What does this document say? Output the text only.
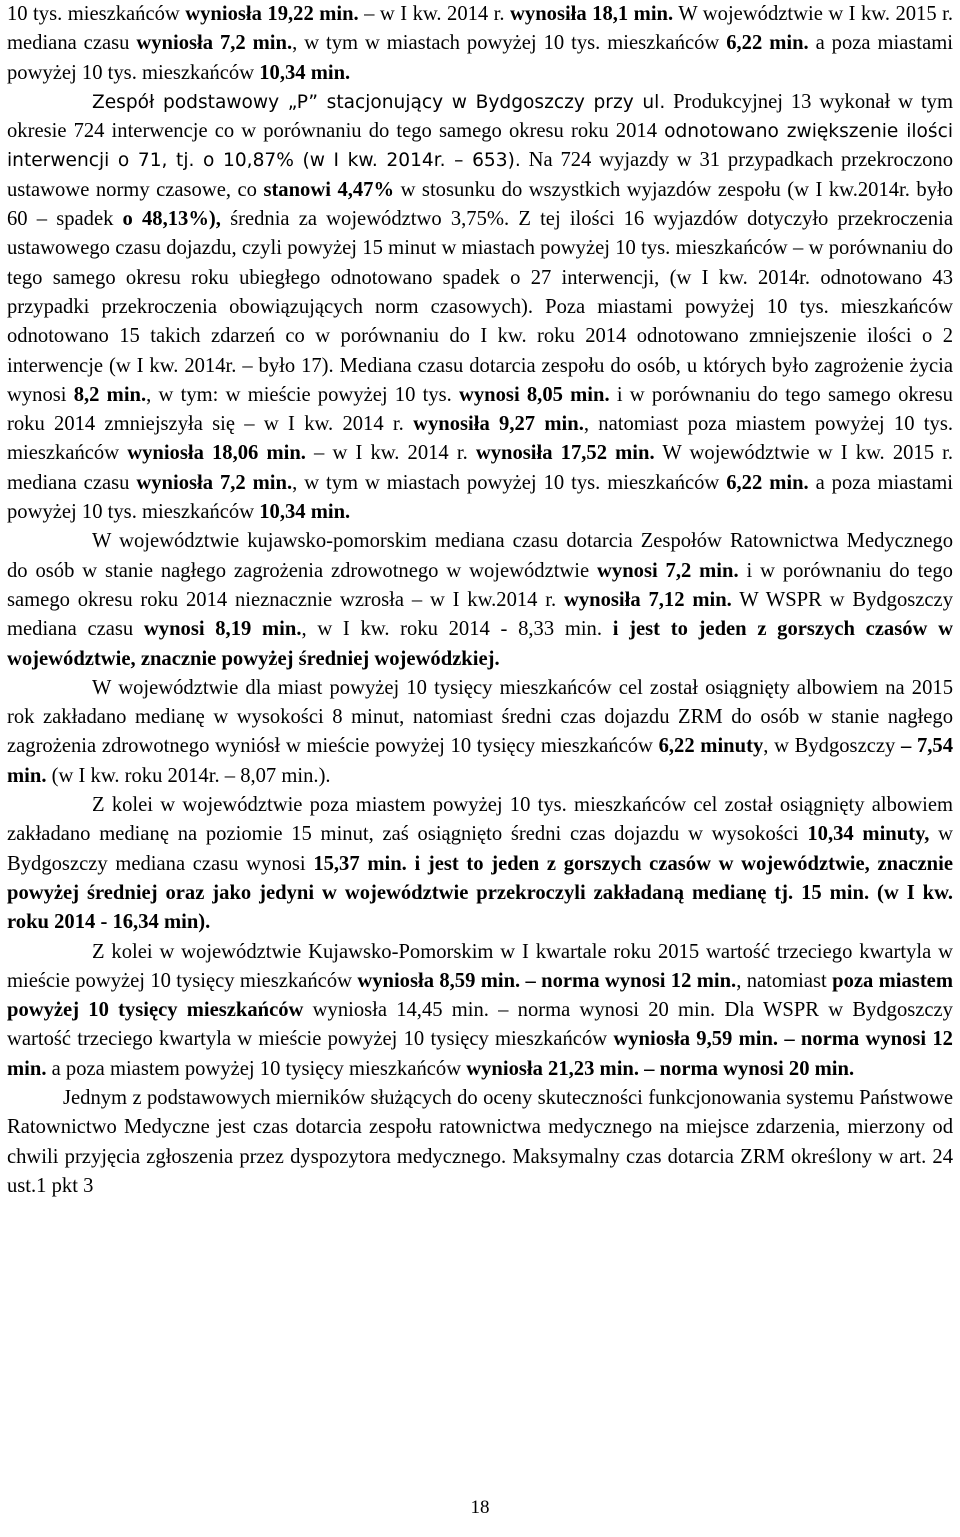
10 tys. mieszkańców wyniosła 19,22 min. – w I kw. 2014 r. wynosiła 18,1 min. W województwie w I kw. 2015 r. mediana czasu wyniosła 7,2 min., w tym w miastach powyżej 10 tys. mieszkańców 6,22 min. a poza miastami powyżej 10 tys. mieszkańców 10,34 min.

Zespół podstawowy „P” stacjonujący w Bydgoszczy przy ul. Produkcyjnej 13 wykonał w tym okresie 724 interwencje co w porównaniu do tego samego okresu roku 2014 odnotowano zwiększenie ilości interwencji o 71, tj. o 10,87% (w I kw. 2014r. – 653). Na 724 wyjazdy w 31 przypadkach przekroczono ustawowe normy czasowe, co stanowi 4,47% w stosunku do wszystkich wyjazdów zespołu (w I kw.2014r. było 60 – spadek o 48,13%), średnia za województwo 3,75%. Z tej ilości 16 wyjazdów dotyczyło przekroczenia ustawowego czasu dojazdu, czyli powyżej 15 minut w miastach powyżej 10 tys. mieszkańców – w porównaniu do tego samego okresu roku ubiegłego odnotowano spadek o 27 interwencji, (w I kw. 2014r. odnotowano 43 przypadki przekroczenia obowiązujących norm czasowych). Poza miastami powyżej 10 tys. mieszkańców odnotowano 15 takich zdarzeń co w porównaniu do I kw. roku 2014 odnotowano zmniejszenie ilości o 2 interwencje (w I kw. 2014r. – było 17). Mediana czasu dotarcia zespołu do osób, u których było zagrożenie życia wynosi 8,2 min., w tym: w mieście powyżej 10 tys. wynosi 8,05 min. i w porównaniu do tego samego okresu roku 2014 zmniejszyła się – w I kw. 2014 r. wynosiła 9,27 min., natomiast poza miastem powyżej 10 tys. mieszkańców wyniosła 18,06 min. – w I kw. 2014 r. wynosiła 17,52 min. W województwie w I kw. 2015 r. mediana czasu wyniosła 7,2 min., w tym w miastach powyżej 10 tys. mieszkańców 6,22 min. a poza miastami powyżej 10 tys. mieszkańców 10,34 min.

W województwie kujawsko-pomorskim mediana czasu dotarcia Zespołów Ratownictwa Medycznego do osób w stanie nagłego zagrożenia zdrowotnego w województwie wynosi 7,2 min. i w porównaniu do tego samego okresu roku 2014 nieznacznie wzrosła – w I kw.2014 r. wynosiła 7,12 min. W WSPR w Bydgoszczy mediana czasu wynosi 8,19 min., w I kw. roku 2014 - 8,33 min. i jest to jeden z gorszych czasów w województwie, znacznie powyżej średniej wojewódzkiej.

W województwie dla miast powyżej 10 tysięcy mieszkańców cel został osiągnięty albowiem na 2015 rok zakładano medianę w wysokości 8 minut, natomiast średni czas dojazdu ZRM do osób w stanie nagłego zagrożenia zdrowotnego wyniósł w mieście powyżej 10 tysięcy mieszkańców 6,22 minuty, w Bydgoszczy – 7,54 min. (w I kw. roku 2014r. – 8,07 min.).

Z kolei w województwie poza miastem powyżej 10 tys. mieszkańców cel został osiągnięty albowiem zakładano medianę na poziomie 15 minut, zaś osiągnięto średni czas dojazdu w wysokości 10,34 minuty, w Bydgoszczy mediana czasu wynosi 15,37 min. i jest to jeden z gorszych czasów w województwie, znacznie powyżej średniej oraz jako jedyni w województwie przekroczyli zakładaną medianę tj. 15 min. (w I kw. roku 2014 - 16,34 min).

Z kolei w województwie Kujawsko-Pomorskim w I kwartale roku 2015 wartość trzeciego kwartyla w mieście powyżej 10 tysięcy mieszkańców wyniosła 8,59 min. – norma wynosi 12 min., natomiast poza miastem powyżej 10 tysięcy mieszkańców wyniosła 14,45 min. – norma wynosi 20 min. Dla WSPR w Bydgoszczy wartość trzeciego kwartyla w mieście powyżej 10 tysięcy mieszkańców wyniosła 9,59 min. – norma wynosi 12 min. a poza miastem powyżej 10 tysięcy mieszkańców wyniosła 21,23 min. – norma wynosi 20 min.

Jednym z podstawowych mierników służących do oceny skuteczności funkcjonowania systemu Państwowe Ratownictwo Medyczne jest czas dotarcia zespołu ratownictwa medycznego na miejsce zdarzenia, mierzony od chwili przyjęcia zgłoszenia przez dyspozytora medycznego. Maksymalny czas dotarcia ZRM określony w art. 24 ust.1 pkt 3

18
